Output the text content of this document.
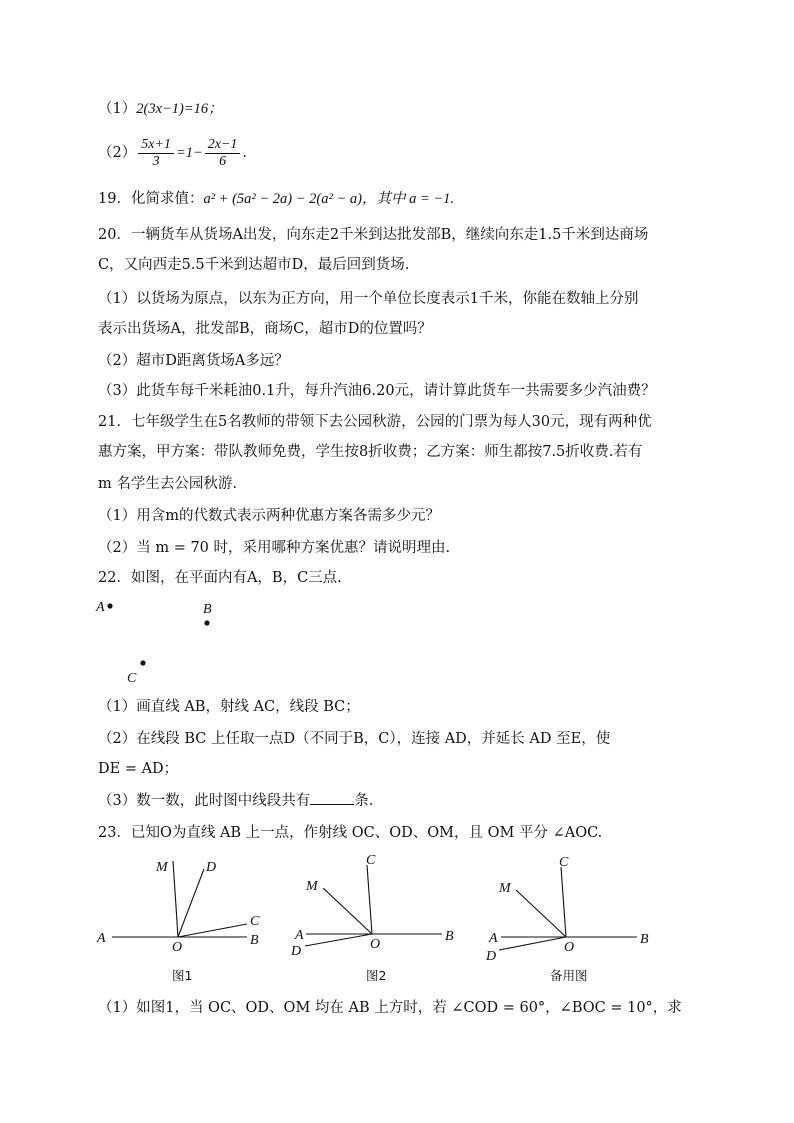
（1）2(3x−1)=16；
$(2) \frac{5x+1}{3} =1- \frac{2x-1}{6}$ .
19．化简求值：a² + (5a² − 2a) − 2(a² − a)，其中 a = −1.
20．一辆货车从货场A出发，向东走2千米到达批发部B，继续向东走1.5千米到达商场
C，又向西走5.5千米到达超市D，最后回到货场.
（1）以货场为原点，以东为正方向，用一个单位长度表示1千米，你能在数轴上分别
表示出货场A，批发部B，商场C，超市D的位置吗？
（2）超市D距离货场A多远？
（3）此货车每千米耗油0.1升，每升汽油6.20元，请计算此货车一共需要多少汽油费？
21．七年级学生在5名教师的带领下去公园秋游，公园的门票为每人30元，现有两种优
惠方案，甲方案：带队教师免费，学生按8折收费；乙方案：师生都按7.5折收费.若有
m 名学生去公园秋游.
（1）用含m的代数式表示两种优惠方案各需多少元？
（2）当 m = 70 时，采用哪种方案优惠？请说明理由.
22．如图，在平面内有A，B，C三点.
A	B
C
（1）画直线 AB，射线 AC，线段 BC；
（2）在线段 BC 上任取一点D（不同于B，C），连接 AD，并延长 AD 至E，使
DE = AD；
（3）数一数，此时图中线段共有	条.
23．已知O为直线 AB 上一点，作射线 OC、OD、OM，且 OM 平分 ∠AOC.
A	B
O
C
D
M
图1
A	B
O
C
D
M
图2
A	B
O
C
D
M
备用图
（1）如图1，当 OC、OD、OM 均在 AB 上方时，若 ∠COD = 60°，∠BOC = 10°，求
